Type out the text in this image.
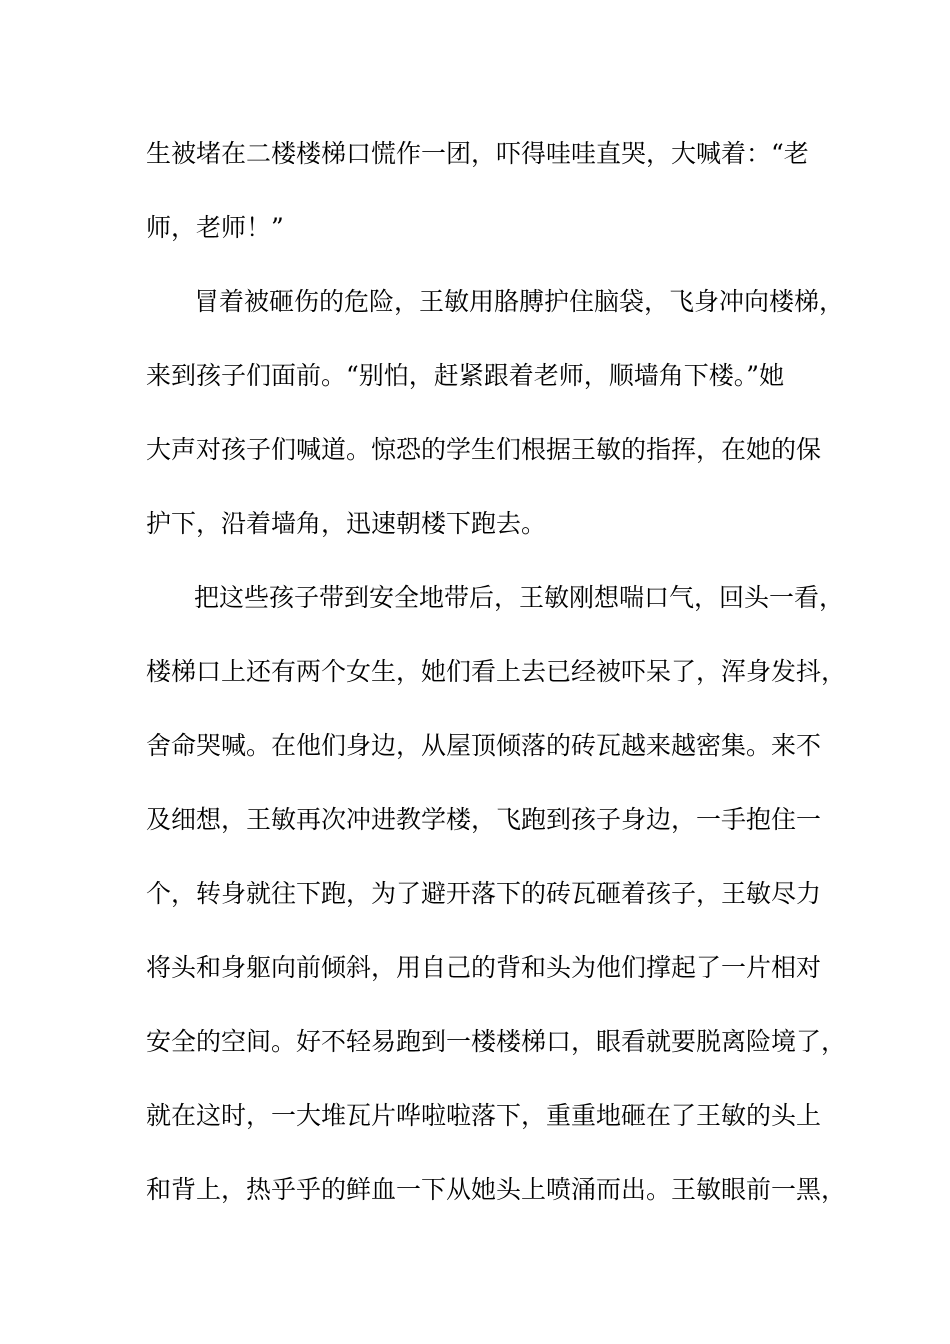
生被堵在二楼楼梯口慌作一团，吓得哇哇直哭，大喊着：“老
师，老师！”
冒着被砸伤的危险，王敏用胳膊护住脑袋，飞身冲向楼梯，
来到孩子们面前。“别怕，赶紧跟着老师，顺墙角下楼。”她
大声对孩子们喊道。惊恐的学生们根据王敏的指挥，在她的保
护下，沿着墙角，迅速朝楼下跑去。
把这些孩子带到安全地带后，王敏刚想喘口气，回头一看，
楼梯口上还有两个女生，她们看上去已经被吓呆了，浑身发抖，
舍命哭喊。在他们身边，从屋顶倾落的砖瓦越来越密集。来不
及细想，王敏再次冲进教学楼，飞跑到孩子身边，一手抱住一
个，转身就往下跑，为了避开落下的砖瓦砸着孩子，王敏尽力
将头和身躯向前倾斜，用自己的背和头为他们撑起了一片相对
安全的空间。好不轻易跑到一楼楼梯口，眼看就要脱离险境了，
就在这时，一大堆瓦片哗啦啦落下，重重地砸在了王敏的头上
和背上，热乎乎的鲜血一下从她头上喷涌而出。王敏眼前一黑，
